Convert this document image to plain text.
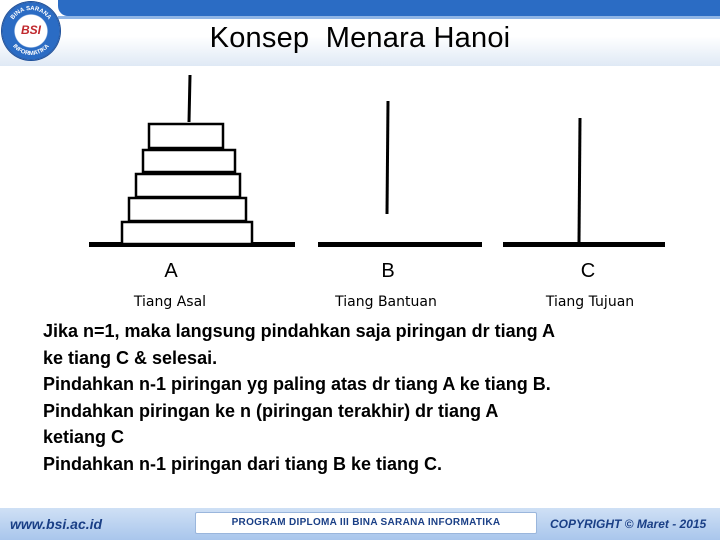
BINA SARANA
INFORMATIKA
BSI	Konsep  Menara Hanoi
A	B	C
Tiang Asal	Tiang Bantuan	Tiang Tujuan
Jika n=1, maka langsung pindahkan saja piringan dr tiang A
ke tiang C & selesai.
Pindahkan n-1 piringan yg paling atas dr tiang A ke tiang B.
Pindahkan piringan ke n (piringan terakhir) dr tiang A
ketiang C
Pindahkan n-1 piringan dari tiang B ke tiang C.
www.bsi.ac.id	PROGRAM DIPLOMA III BINA SARANA INFORMATIKA	COPYRIGHT © Maret - 2015
